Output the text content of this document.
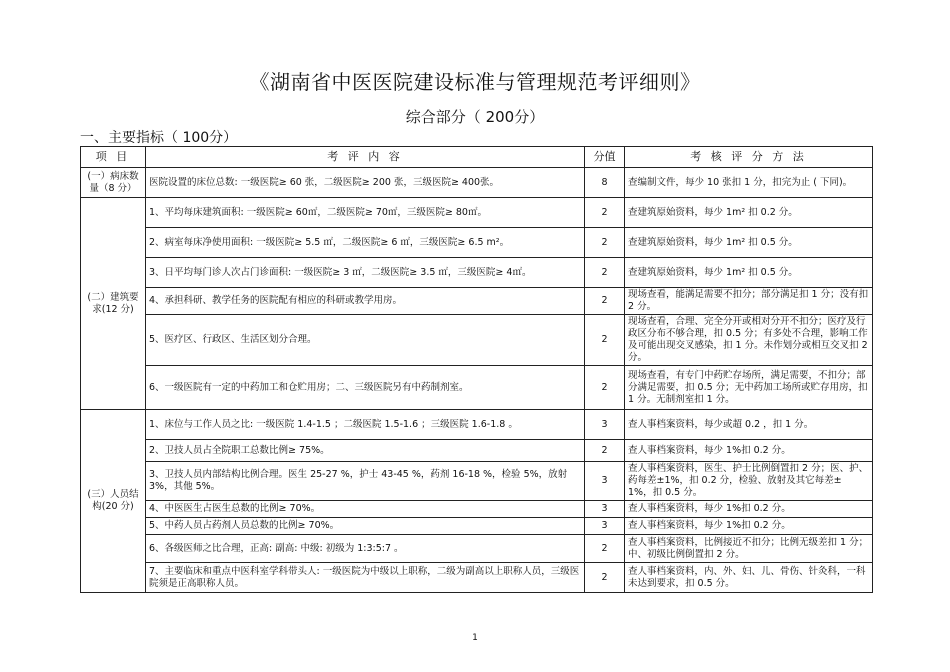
《湖南省中医医院建设标准与管理规范考评细则》
综合部分（ 200分）
一、主要指标（ 100分）
项 目	考 评 内 容	分值	考 核 评 分 方 法
(一）病床数量（8 分）	医院设置的床位总数: 一级医院≥ 60 张，二级医院≥ 200 张，三级医院≥ 400张。	8	查编制文件，每少 10 张扣 1 分，扣完为止 ( 下同)。
(二）建筑要求(12 分)	1、平均每床建筑面积: 一级医院≥ 60㎡，二级医院≥ 70㎡，三级医院≥ 80㎡。	2	查建筑原始资料，每少 1m² 扣 0.2 分。
	2、病室每床净使用面积: 一级医院≥ 5.5 ㎡，二级医院≥ 6 ㎡，三级医院≥ 6.5 m²。	2	查建筑原始资料，每少 1m² 扣 0.5 分。
	3、日平均每门诊人次占门诊面积: 一级医院≥ 3 ㎡，二级医院≥ 3.5 ㎡，三级医院≥ 4㎡。	2	查建筑原始资料，每少 1m² 扣 0.5 分。
	4、承担科研、教学任务的医院配有相应的科研或教学用房。	2	现场查看，能满足需要不扣分；部分满足扣 1 分；没有扣 2 分。
	5、医疗区、行政区、生活区划分合理。	2	现场查看，合理、完全分开或相对分开不扣分；医疗及行政区分布不够合理，扣 0.5 分；有多处不合理，影响工作及可能出现交叉感染，扣 1 分。未作划分或相互交叉扣 2 分。
	6、一级医院有一定的中药加工和仓贮用房；二、三级医院另有中药制剂室。	2	现场查看，有专门中药贮存场所，满足需要，不扣分；部分满足需要，扣 0.5 分；无中药加工场所或贮存用房，扣 1 分。无制剂室扣 1 分。
(三）人员结构(20 分)	1、床位与工作人员之比: 一级医院 1.4-1.5 ；二级医院 1.5-1.6 ；三级医院 1.6-1.8 。	3	查人事档案资料，每少或超 0.2 ，扣 1 分。
	2、卫技人员占全院职工总数比例≥ 75%。	2	查人事档案资料，每少 1%扣 0.2 分。
	3、卫技人员内部结构比例合理。医生 25-27 %，护士 43-45 %，药剂 16-18 %，检验 5%，放射 3%，其他 5%。	3	查人事档案资料，医生、护士比例倒置扣 2 分；医、护、药每差±1%，扣 0.2 分，检验、放射及其它每差± 1%，扣 0.5 分。
	4、中医医生占医生总数的比例≥ 70%。	3	查人事档案资料，每少 1%扣 0.2 分。
	5、中药人员占药剂人员总数的比例≥ 70%。	3	查人事档案资料，每少 1%扣 0.2 分。
	6、各级医师之比合理，正高: 副高: 中级: 初级为 1:3:5:7 。	2	查人事档案资料，比例接近不扣分；比例无级差扣 1 分；中、初级比例倒置扣 2 分。
	7、主要临床和重点中医科室学科带头人: 一级医院为中级以上职称，二级为副高以上职称人员，三级医院须是正高职称人员。	2	查人事档案资料，内、外、妇、儿、骨伤、针灸科，一科未达到要求，扣 0.5 分。
1
